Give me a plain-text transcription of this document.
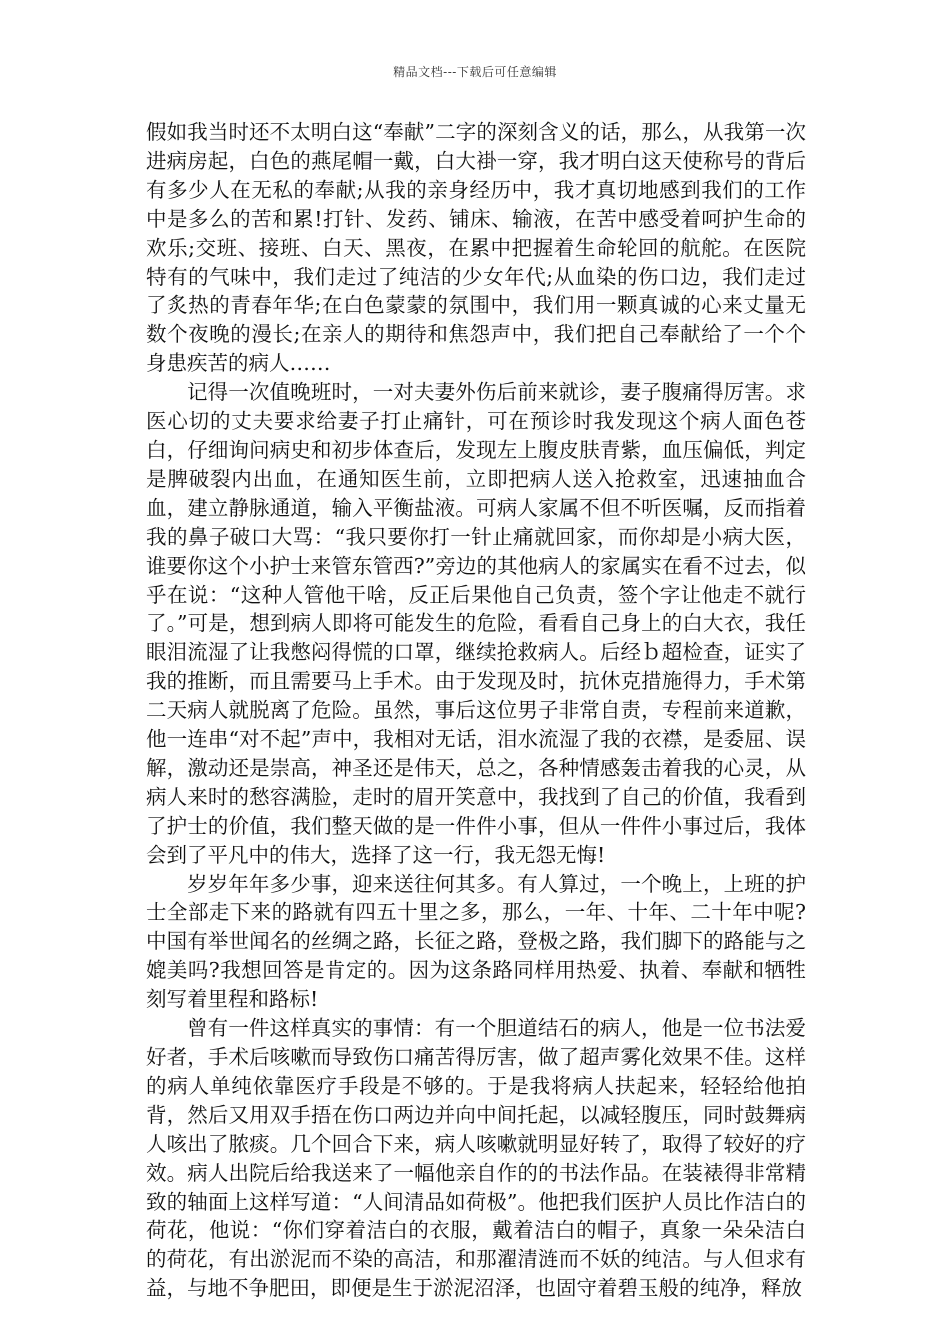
精品文档---下载后可任意编辑

假如我当时还不太明白这“奉献”二字的深刻含义的话，那么，从我第一次进病房起，白色的燕尾帽一戴，白大褂一穿，我才明白这天使称号的背后有多少人在无私的奉献;从我的亲身经历中，我才真切地感到我们的工作中是多么的苦和累!打针、发药、铺床、输液，在苦中感受着呵护生命的欢乐;交班、接班、白天、黑夜，在累中把握着生命轮回的航舵。在医院特有的气味中，我们走过了纯洁的少女年代;从血染的伤口边，我们走过了炙热的青春年华;在白色蒙蒙的氛围中，我们用一颗真诚的心来丈量无数个夜晚的漫长;在亲人的期待和焦怨声中，我们把自己奉献给了一个个身患疾苦的病人……

记得一次值晚班时，一对夫妻外伤后前来就诊，妻子腹痛得厉害。求医心切的丈夫要求给妻子打止痛针，可在预诊时我发现这个病人面色苍白，仔细询问病史和初步体查后，发现左上腹皮肤青紫，血压偏低，判定是脾破裂内出血，在通知医生前，立即把病人送入抢救室，迅速抽血合血，建立静脉通道，输入平衡盐液。可病人家属不但不听医嘱，反而指着我的鼻子破口大骂：“我只要你打一针止痛就回家，而你却是小病大医，谁要你这个小护士来管东管西?”旁边的其他病人的家属实在看不过去，似乎在说：“这种人管他干啥，反正后果他自己负责，签个字让他走不就行了。”可是，想到病人即将可能发生的危险，看看自己身上的白大衣，我任眼泪流湿了让我憋闷得慌的口罩，继续抢救病人。后经ｂ超检查，证实了我的推断，而且需要马上手术。由于发现及时，抗休克措施得力，手术第二天病人就脱离了危险。虽然，事后这位男子非常自责，专程前来道歉，他一连串“对不起”声中，我相对无话，泪水流湿了我的衣襟，是委屈、误解，激动还是崇高，神圣还是伟天，总之，各种情感轰击着我的心灵，从病人来时的愁容满脸，走时的眉开笑意中，我找到了自己的价值，我看到了护士的价值，我们整天做的是一件件小事，但从一件件小事过后，我体会到了平凡中的伟大，选择了这一行，我无怨无悔!

岁岁年年多少事，迎来送往何其多。有人算过，一个晚上，上班的护士全部走下来的路就有四五十里之多，那么，一年、十年、二十年中呢?中国有举世闻名的丝绸之路，长征之路，登极之路，我们脚下的路能与之媲美吗?我想回答是肯定的。因为这条路同样用热爱、执着、奉献和牺牲刻写着里程和路标!

曾有一件这样真实的事情：有一个胆道结石的病人，他是一位书法爱好者，手术后咳嗽而导致伤口痛苦得厉害，做了超声雾化效果不佳。这样的病人单纯依靠医疗手段是不够的。于是我将病人扶起来，轻轻给他拍背，然后又用双手捂在伤口两边并向中间托起，以减轻腹压，同时鼓舞病人咳出了脓痰。几个回合下来，病人咳嗽就明显好转了，取得了较好的疗效。病人出院后给我送来了一幅他亲自作的的书法作品。在装裱得非常精致的轴面上这样写道：“人间清品如荷极”。他把我们医护人员比作洁白的荷花，他说：“你们穿着洁白的衣服，戴着洁白的帽子，真象一朵朵洁白的荷花，有出淤泥而不染的高洁，和那濯清涟而不妖的纯洁。与人但求有益，与地不争肥田，即便是生于淤泥沼泽，也固守着碧玉般的纯净，释放
